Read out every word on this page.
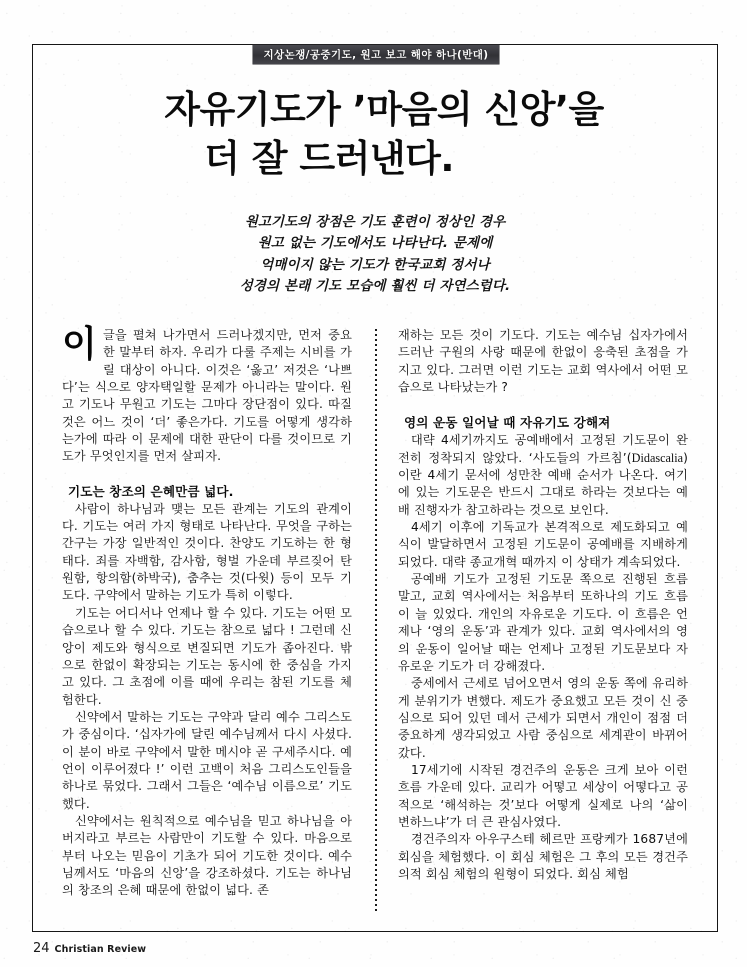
지상논쟁/공중기도, 원고 보고 해야 하나(반대)
자유기도가 ’마음의 신앙’을
더 잘 드러낸다.
원고기도의 장점은 기도 훈련이 정상인 경우
원고 없는 기도에서도 나타난다. 문제에
억매이지 않는 기도가 한국교회 정서나
성경의 본래 기도 모습에 훨씬 더 자연스럽다.

이글을 펼쳐 나가면서 드러나겠지만, 먼저 중요한 말부터 하자. 우리가 다룰 주제는 시비를 가릴 대상이 아니다. 이것은 ‘옳고’ 저것은 ‘나쁘다’는 식으로 양자택일할 문제가 아니라는 말이다. 원고 기도나 무원고 기도는 그마다 장단점이 있다. 따질 것은 어느 것이 ‘더’ 좋은가다. 기도를 어떻게 생각하는가에 따라 이 문제에 대한 판단이 다를 것이므로 기도가 무엇인지를 먼저 살피자.

기도는 창조의 은혜만큼 넓다.

사람이 하나님과 맺는 모든 관계는 기도의 관계이다. 기도는 여러 가지 형태로 나타난다. 무엇을 구하는 간구는 가장 일반적인 것이다. 찬양도 기도하는 한 형태다. 죄를 자백함, 감사함, 형벌 가운데 부르짖어 탄원함, 항의함(하박국), 춤추는 것(다윗) 등이 모두 기도다. 구약에서 말하는 기도가 특히 이렇다.

기도는 어디서나 언제나 할 수 있다. 기도는 어떤 모습으로나 할 수 있다. 기도는 참으로 넓다 ! 그런데 신앙이 제도와 형식으로 변질되면 기도가 좁아진다. 밖으로 한없이 확장되는 기도는 동시에 한 중심을 가지고 있다. 그 초점에 이를 때에 우리는 참된 기도를 체험한다.

신약에서 말하는 기도는 구약과 달리 예수 그리스도가 중심이다. ‘십자가에 달린 예수님께서 다시 사셨다. 이 분이 바로 구약에서 말한 메시야 곧 구세주시다. 예언이 이루어졌다 !’ 이런 고백이 처음 그리스도인들을 하나로 묶었다. 그래서 그들은 ‘예수님 이름으로’ 기도했다.

신약에서는 원칙적으로 예수님을 믿고 하나님을 아버지라고 부르는 사람만이 기도할 수 있다. 마음으로부터 나오는 믿음이 기초가 되어 기도한 것이다. 예수님께서도 ‘마음의 신앙’을 강조하셨다. 기도는 하나님의 창조의 은혜 때문에 한없이 넓다. 존

재하는 모든 것이 기도다. 기도는 예수님 십자가에서 드러난 구원의 사랑 때문에 한없이 응축된 초점을 가지고 있다. 그러면 이런 기도는 교회 역사에서 어떤 모습으로 나타났는가 ?

영의 운동 일어날 때 자유기도 강해져

대략 4세기까지도 공예배에서 고정된 기도문이 완전히 정착되지 않았다. ‘사도들의 가르침’(Didascalia)이란 4세기 문서에 성만찬 예배 순서가 나온다. 여기에 있는 기도문은 반드시 그대로 하라는 것보다는 예배 진행자가 참고하라는 것으로 보인다.

4세기 이후에 기독교가 본격적으로 제도화되고 예식이 발달하면서 고정된 기도문이 공예배를 지배하게 되었다. 대략 종교개혁 때까지 이 상태가 계속되었다.

공예배 기도가 고정된 기도문 쪽으로 진행된 흐름 말고, 교회 역사에서는 처음부터 또하나의 기도 흐름이 늘 있었다. 개인의 자유로운 기도다. 이 흐름은 언제나 ‘영의 운동’과 관계가 있다. 교회 역사에서의 영의 운동이 일어날 때는 언제나 고정된 기도문보다 자유로운 기도가 더 강해졌다.

중세에서 근세로 넘어오면서 영의 운동 쪽에 유리하게 분위기가 변했다. 제도가 중요했고 모든 것이 신 중심으로 되어 있던 데서 근세가 되면서 개인이 점점 더 중요하게 생각되었고 사람 중심으로 세계관이 바뀌어 갔다.

17세기에 시작된 경건주의 운동은 크게 보아 이런 흐름 가운데 있다. 교리가 어떻고 세상이 어떻다고 공적으로 ‘해석하는 것’보다 어떻게 실제로 나의 ‘삶이 변하느냐’가 더 큰 관심사였다.

경건주의자 아우구스테 헤르만 프랑케가 1687년에 회심을 체험했다. 이 회심 체험은 그 후의 모든 경건주의적 회심 체험의 원형이 되었다. 회심 체험

24 Christian Review
